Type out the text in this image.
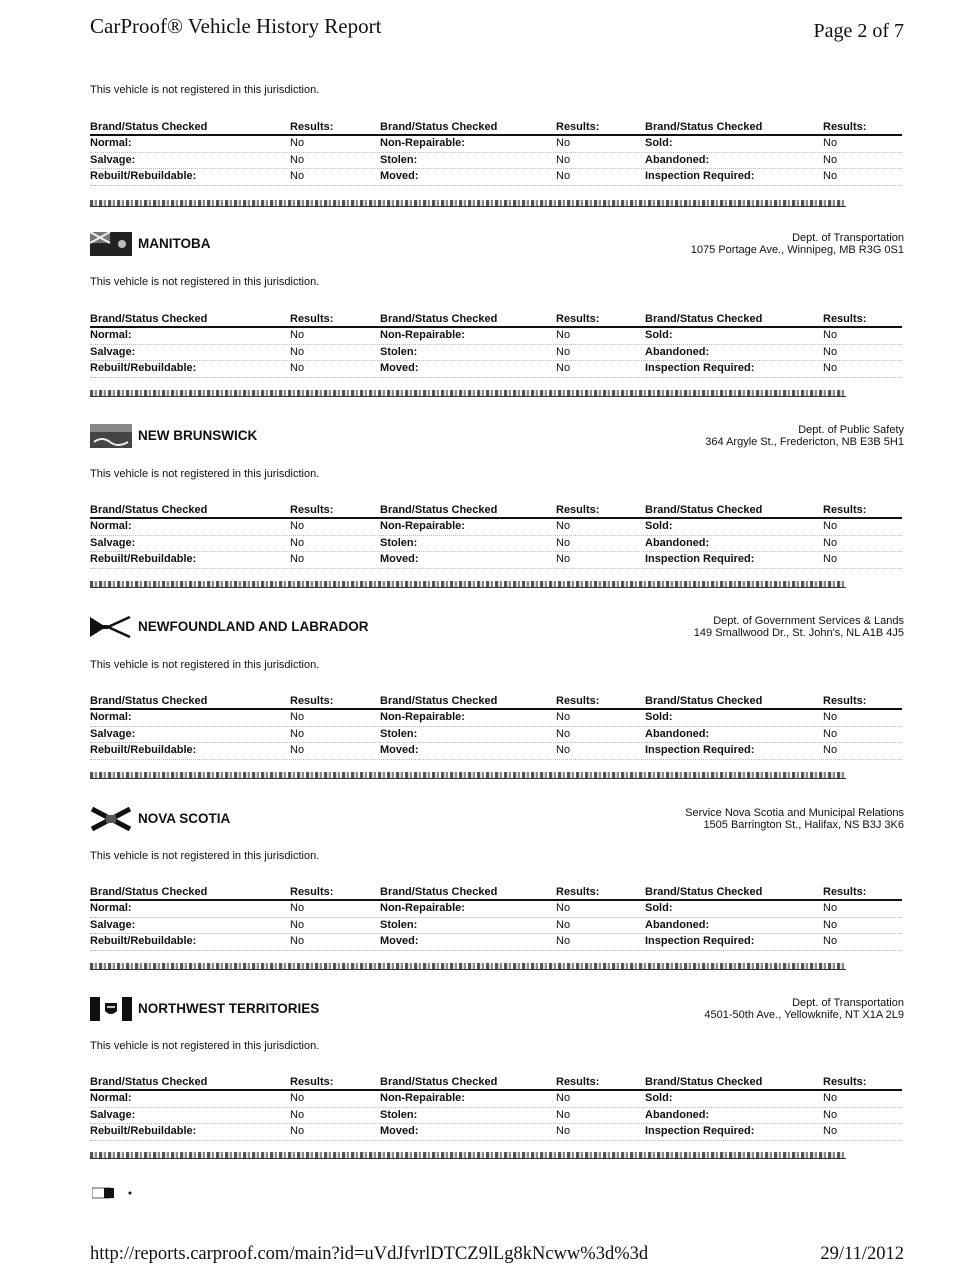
CarProof® Vehicle History Report	Page 2 of 7
This vehicle is not registered in this jurisdiction.
Brand/Status Checked	Results:	Brand/Status Checked	Results:	Brand/Status Checked	Results:
Normal:	No	Non-Repairable:	No	Sold:	No
Salvage:	No	Stolen:	No	Abandoned:	No
Rebuilt/Rebuildable:	No	Moved:	No	Inspection Required:	No
MANITOBA	Dept. of Transportation
1075 Portage Ave., Winnipeg, MB R3G 0S1
This vehicle is not registered in this jurisdiction.
Brand/Status Checked	Results:	Brand/Status Checked	Results:	Brand/Status Checked	Results:
Normal:	No	Non-Repairable:	No	Sold:	No
Salvage:	No	Stolen:	No	Abandoned:	No
Rebuilt/Rebuildable:	No	Moved:	No	Inspection Required:	No
NEW BRUNSWICK	Dept. of Public Safety
364 Argyle St., Fredericton, NB E3B 5H1
This vehicle is not registered in this jurisdiction.
Brand/Status Checked	Results:	Brand/Status Checked	Results:	Brand/Status Checked	Results:
Normal:	No	Non-Repairable:	No	Sold:	No
Salvage:	No	Stolen:	No	Abandoned:	No
Rebuilt/Rebuildable:	No	Moved:	No	Inspection Required:	No
NEWFOUNDLAND AND LABRADOR	Dept. of Government Services & Lands
149 Smallwood Dr., St. John's, NL A1B 4J5
This vehicle is not registered in this jurisdiction.
Brand/Status Checked	Results:	Brand/Status Checked	Results:	Brand/Status Checked	Results:
Normal:	No	Non-Repairable:	No	Sold:	No
Salvage:	No	Stolen:	No	Abandoned:	No
Rebuilt/Rebuildable:	No	Moved:	No	Inspection Required:	No
NOVA SCOTIA	Service Nova Scotia and Municipal Relations
1505 Barrington St., Halifax, NS B3J 3K6
This vehicle is not registered in this jurisdiction.
Brand/Status Checked	Results:	Brand/Status Checked	Results:	Brand/Status Checked	Results:
Normal:	No	Non-Repairable:	No	Sold:	No
Salvage:	No	Stolen:	No	Abandoned:	No
Rebuilt/Rebuildable:	No	Moved:	No	Inspection Required:	No
NORTHWEST TERRITORIES	Dept. of Transportation
4501-50th Ave., Yellowknife, NT X1A 2L9
This vehicle is not registered in this jurisdiction.
Brand/Status Checked	Results:	Brand/Status Checked	Results:	Brand/Status Checked	Results:
Normal:	No	Non-Repairable:	No	Sold:	No
Salvage:	No	Stolen:	No	Abandoned:	No
Rebuilt/Rebuildable:	No	Moved:	No	Inspection Required:	No
http://reports.carproof.com/main?id=uVdJfvrlDTCZ9lLg8kNcww%3d%3d	29/11/2012
